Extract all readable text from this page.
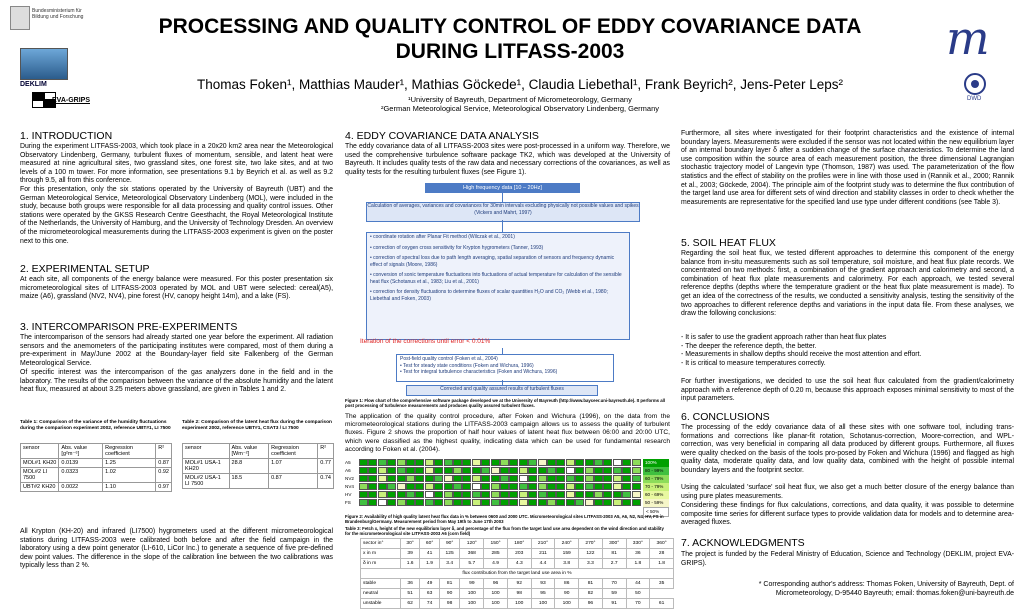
Bundesministerium für Bildung und Forschung
DEKLIM
EVA-GRIPS
m
DWD
PROCESSING AND QUALITY CONTROL OF EDDY COVARIANCE DATA
DURING LITFASS-2003
Thomas Foken¹, Matthias Mauder¹, Mathias Göckede¹, Claudia Liebethal¹, Frank Beyrich², Jens-Peter Leps²
¹University of Bayreuth, Department of Micrometeorology, Germany
²German Meteorological Service, Meteorological Observatory Lindenberg, Germany
1. INTRODUCTION
During the experiment LITFASS-2003, which took place in a 20x20 km2 area near the Meteorological Observatory Lindenberg, Germany, turbulent fluxes of momentum, sensible, and latent heat were measured at nine agricultural sites, two grassland sites, one forest site, two lake sites, and at two levels of a 100 m tower. For more information, see presentations 9.1 by Beyrich et al. as well as 9.2 through 9.5, all from this conference.
For this presentation, only the six stations operated by the University of Bayreuth (UBT) and the German Meteorological Service, Meteorological Observatory Lindenberg (MOL), were included in the study, because both groups were responsible for all data processing and quality control issues. Other stations were operated by the GKSS Research Centre Geesthacht, the Royal Meteorological Institute of the Netherlands, the University of Hamburg, and the University of Technology Dresden. An overview of the micrometeorological measurements during the LITFASS-2003 experiment is given on the poster next to this one.
2. EXPERIMENTAL SETUP
At each site, all components of the energy balance were measured. For this poster presentation six micrometeorological sites of LITFASS-2003 operated by MOL and UBT were selected: cereal(A5), maize (A6), grassland (NV2, NV4), pine forest (HV, canopy height 14m), and a lake (FS).
3. INTERCOMPARISON PRE-EXPERIMENTS
The intercomparison of the sensors had already started one year before the experiment. All radiation sensors and the anemometers of the participating institutes were compared, most of them during a pre-experiment in May/June 2002 at the Boundary-layer field site Falkenberg of the German Meteorological Service.
Of specific interest was the intercomparison of the gas analyzers done in the field and in the laboratory. The results of the comparison between the variance of the absolute humidity and the latent heat flux, measured at about 3.25 meters above grassland, are given in Tables 1 and 2.
Table 1: Comparison of the variance of the humidity fluctuations during the comparison experiment 2002, reference UBT#1, LI 7500
Table 2: Comparison of the latent heat flux during the comparison experiment 2002, reference UBT#1, CSAT3 / LI 7500
sensor	Abs. value [g²m⁻⁶]	Regression coefficient	R²
MOL#1 KH20	0.0139	1.25	0.87
MOL#2 LI 7500	0.0323	1.02	0.92
UBT#2 KH20	0.0022	1.10	0.97
sensor	Abs. value [Wm⁻²]	Regression coefficient	R²
MOL#1 USA-1 KH20	28.8	1.07	0.77
MOL#2 USA-1 LI 7500	18.5	0.87	0.74
All Krypton (KH-20) and infrared (LI7500) hygrometers used at the different micrometeorological stations during LITFASS-2003 were calibrated both before and after the field campaign in the laboratory using a dew point generator (LI-610, LiCor Inc.) to generate a sequence of five pre-defined dew point values. The difference in the slope of the calibration line between the two calibrations was typically less than 2 %.
4. EDDY COVARIANCE DATA ANALYSIS
The eddy covariance data of all LITFASS-2003 sites were post-processed in a uniform way. Therefore, we used the comprehensive turbulence software package TK2, which was developed at the University of Bayreuth. It includes quality tests of the raw data and necessary corrections of the covariances, as well as quality tests for the resulting turbulent fluxes (see Figure 1).
High frequency data [10 – 20Hz]
Calculation of averages, variances and covariances for 30min intervals excluding physically not possible values and spikes (Vickers and Mahrt, 1997)
• coordinate rotation after Planar Fit method (Wilczak et al., 2001)
• correction of oxygen cross sensitivity for Krypton hygrometers (Tanner, 1993)
• correction of spectral loss due to path length averaging, spatial separation of sensors and frequency dynamic effect of signals (Moore, 1986)
• conversion of sonic temperature fluctuations into fluctuations of actual temperature for calculation of the sensible heat flux (Schotanus et al., 1983; Liu et al., 2001)
• correction for density fluctuations to determine fluxes of scalar quantities H₂O and CO₂ (Webb et al., 1980; Liebethal and Foken, 2003)
Iteration of the corrections until error < 0.01%
Post-field quality control (Foken et al., 2004)
• Test for steady state conditions (Foken and Wichura, 1996)
• Test for integral turbulence characteristics (Foken and Wichura, 1996)
Corrected and quality assured results of turbulent fluxes
Figure 1: Flow chart of the comprehensive software package developed we at the University of Bayreuth (http://www.bayceer.uni-bayreuth.de). It performs all post processing of turbulence measurements and produces quality assured turbulent fluxes.
The application of the quality control procedure, after Foken and Wichura (1996), on the data from the micrometeorological stations during the LITFASS-2003 campaign allows us to assess the quality of turbulent fluxes. Figure 2 shows the proportion of half hour values of latent heat flux between 06:00 and 20:00 UTC, which were classified as the highest quality, indicating data which can be used for fundamental research according to Foken et al. (2004).
A5
A6
NV2
NV4
HV
FS
100%
80 - 99%
60 - 79%
70 - 79%
60 - 69%
50 - 59%
< 50%
Figure 2: Availability of high quality latent heat flux data in % between 0600 and 2000 UTC. Micrometeorological sites LITFASS-2003 A5, A6, N2, N4, HV, FS in Brandenburg/Germany. Measurement period from May 19th to June 17th 2003
Table 3: Fetch x, height of the new equilibrium layer δ, and percentage of the flux from the target land use area dependent on the wind direction and stability for the micrometeorological site LITFASS-2003 A6 (corn field)
sector in°	30°	60°	90°	120°	150°	180°	210°	240°	270°	300°	330°	360°
x in m	39	41	125	368	285	203	211	159	122	81	36	28
δ in m	1.6	1.9	3.4	5.7	4.9	4.3	4.4	3.8	3.3	2.7	1.8	1.8
flux contribution from the target land use area in %												
stable	36	49	81	99	96	92	93	86	81	70	44	35
neutral	51	63	90	100	100	98	95	90	82	59	50	
unstable	62	74	98	100	100	100	100	100	96	91	70	61
Furthermore, all sites where investigated for their footprint characteristics and the existence of internal boundary layers. Measurements were excluded if the sensor was not located within the new equilibrium layer of an internal boundary layer δ after a sudden change of the surface characteristics. To determine the land use composition within the source area of each measurement position, the three dimensional Lagrangian stochastic trajectory model of Langevin type (Thomson, 1987) was used. The parameterization of the flow statistics and the effect of stability on the profiles were in line with those used in (Rannik et al., 2000; Rannik et al., 2003; Göckede, 2004). The principle aim of the footprint study was to determine the flux contribution of the target land use area for different sets of wind direction and stability classes in order to check whether the measurements are representative for the specified land use type under different conditions (see Table 3).
5. SOIL HEAT FLUX
Regarding the soil heat flux, we tested different approaches to determine this component of the energy balance from in-situ measurements such as soil temperature, soil moisture, and heat flux plate records. We concentrated on two methods: first, a combination of the gradient approach and calorimetry and second, a combination of heat flux plate measurements and calorimetry. For each approach, we tested several reference depths (depths where the temperature gradient or the heat flux plate measurement is made). To get an idea of the correctness of the results, we conducted a sensitivity analysis, testing the sensitivity of the two approaches to different reference depths and variations in the input data file. From these analyses, we draw the following conclusions:
- It is safer to use the gradient approach rather than heat flux plates
- The deeper the reference depth, the better.
- Measurements in shallow depths should receive the most attention and effort.
- It is critical to measure temperatures correctly.
For further investigations, we decided to use the soil heat flux calculated from the gradient/calorimetry approach with a reference depth of 0.20 m, because this approach exposes minimal sensitivity to most of the input parameters.
6. CONCLUSIONS
The processing of the eddy covariance data of all these sites with one software tool, including trans-formations and corrections like planar-fit rotation, Schotanus-correction, Moore-correction, and WPL-correction, was very beneficial in comparing all data produced by different groups. Furthermore, all fluxes were quality checked on the basis of the tools pro-posed by Foken and Wichura (1996) and flagged as high quality data, moderate quality data, and low quality data, combined with the height of possible internal boundary layers and the footprint sector.
Using the calculated 'surface' soil heat flux, we also get a much better closure of the energy balance than using pure plates measurements.
Considering these findings for flux calculations, corrections, and data quality, it was possible to determine composite time series for different surface types to provide validation data for models and to determine area-averaged fluxes.
7. ACKNOWLEDGMENTS
The project is funded by the Federal Ministry of Education, Science and Technology (DEKLIM, project EVA-GRIPS).
* Corresponding author's address: Thomas Foken, University of Bayreuth, Dept. of
Micrometeorology, D-95440 Bayreuth; email: thomas.foken@uni-bayreuth.de
